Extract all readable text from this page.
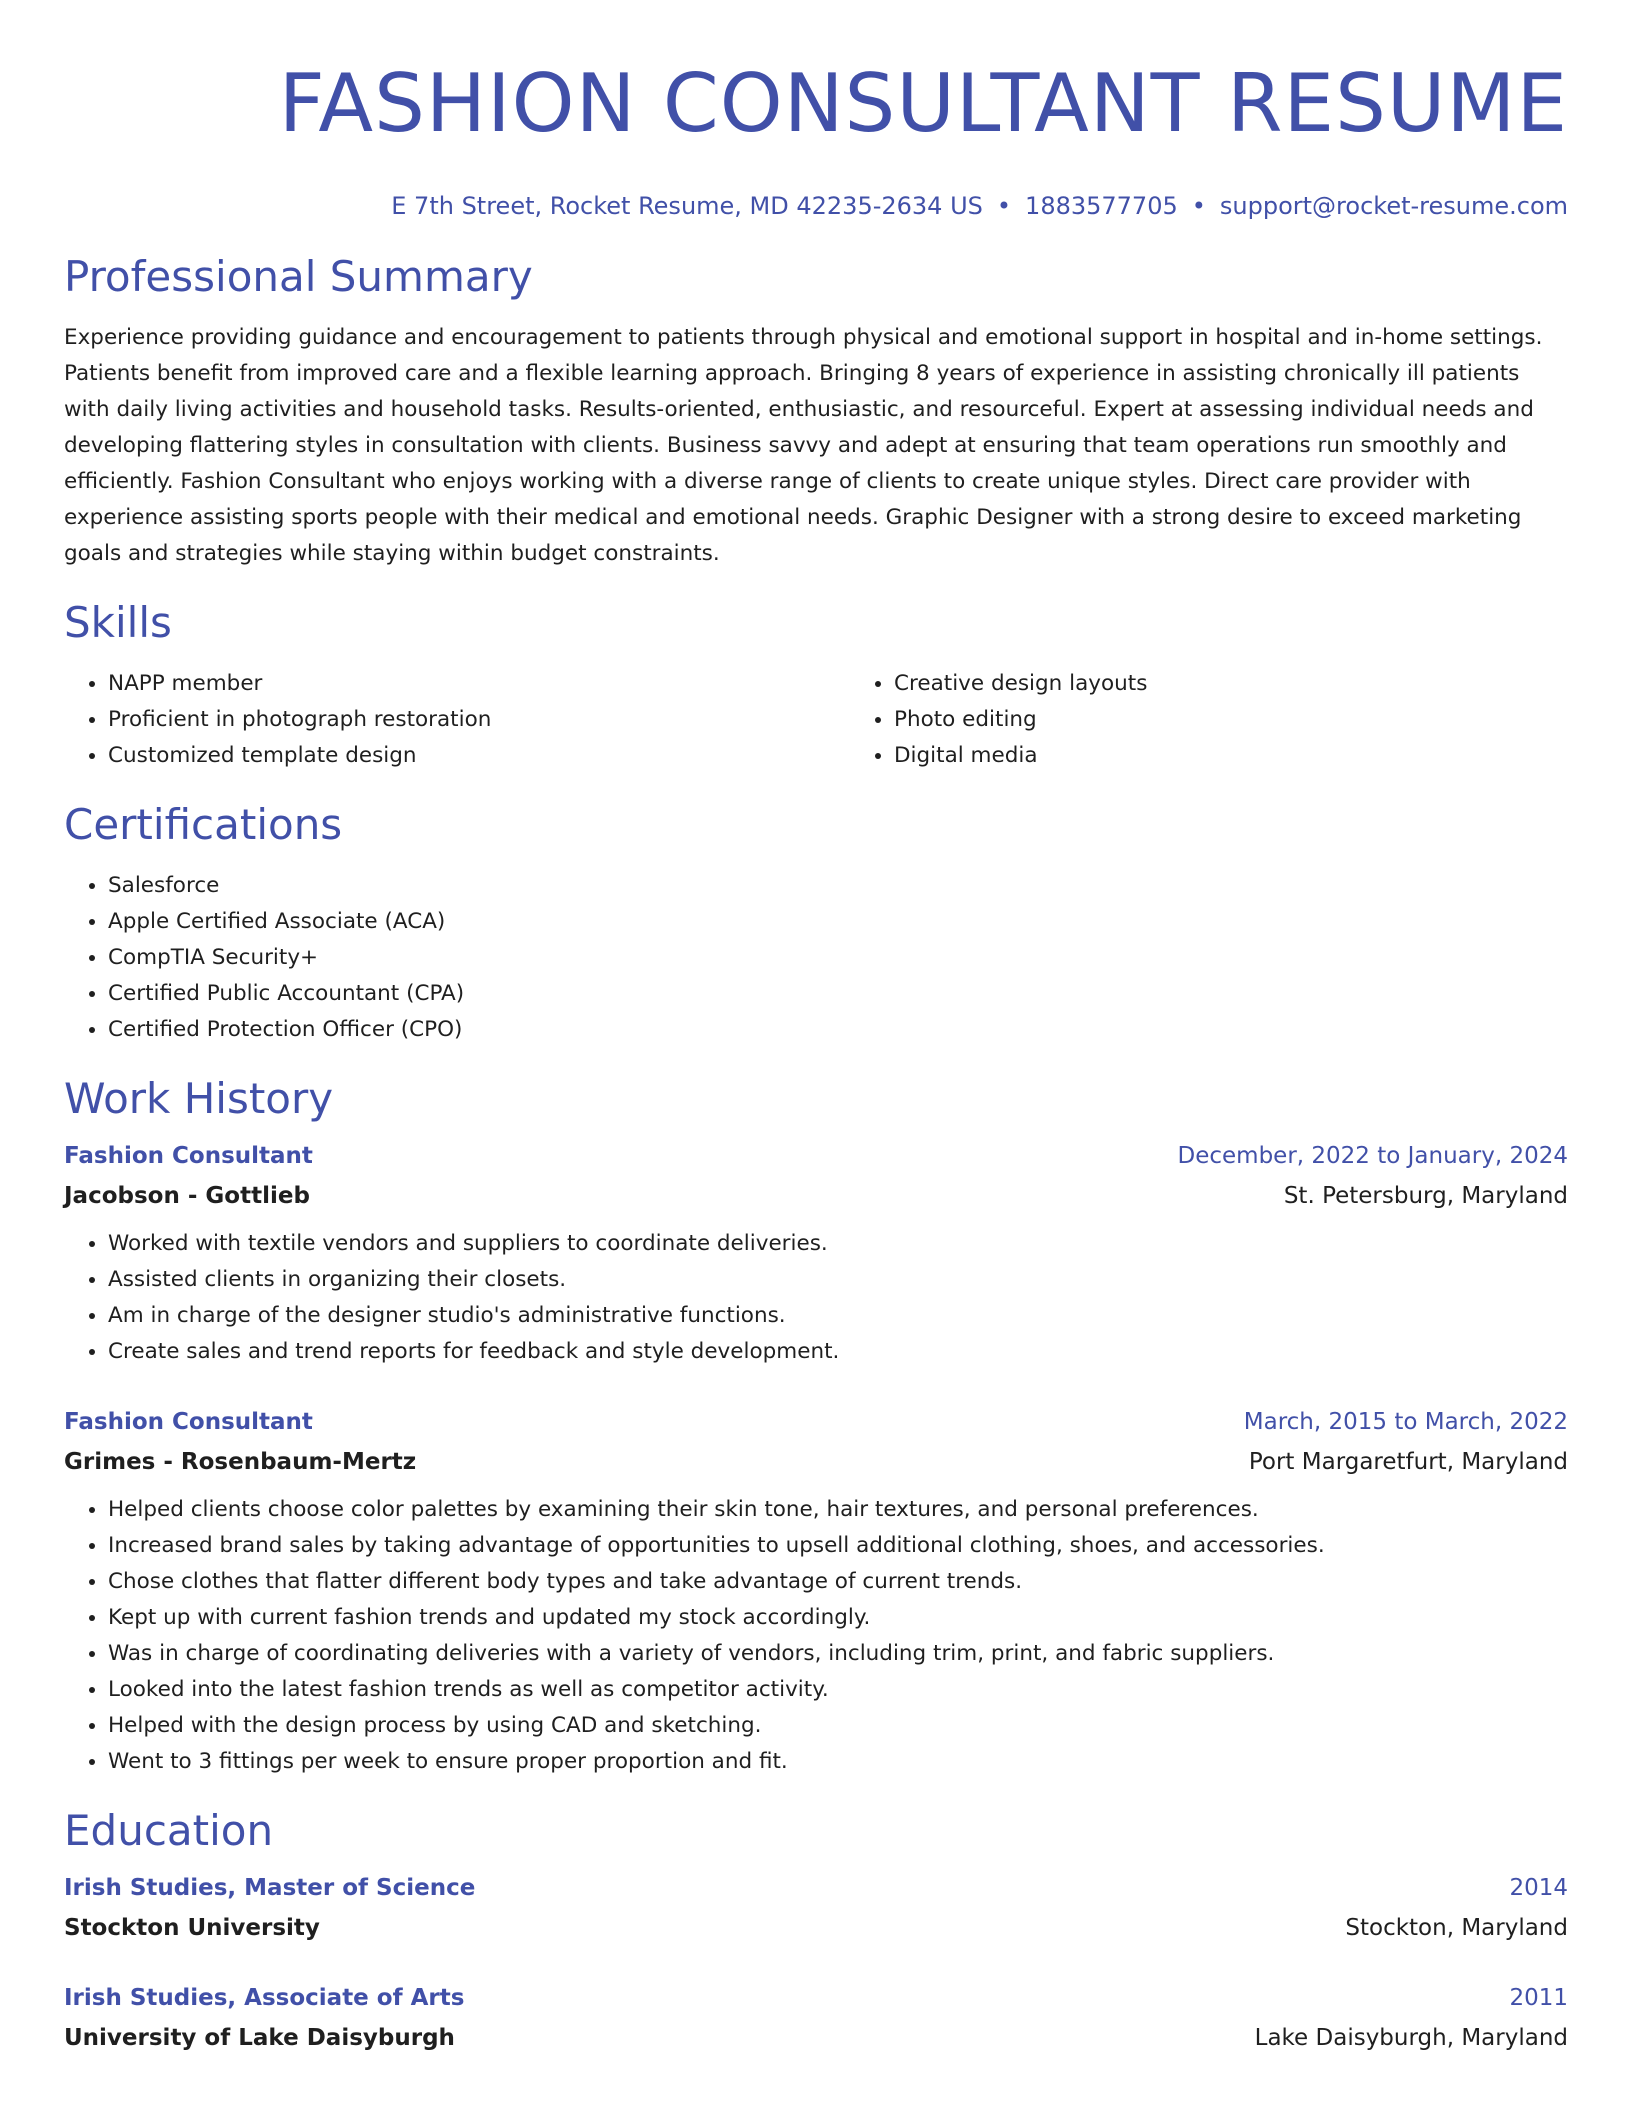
FASHION CONSULTANT RESUME
E 7th Street, Rocket Resume, MD 42235-2634 US • 1883577705 • support@rocket-resume.com
Professional Summary

Experience providing guidance and encouragement to patients through physical and emotional support in hospital and in-home settings. Patients benefit from improved care and a flexible learning approach. Bringing 8 years of experience in assisting chronically ill patients with daily living activities and household tasks. Results-oriented, enthusiastic, and resourceful. Expert at assessing individual needs and developing flattering styles in consultation with clients. Business savvy and adept at ensuring that team operations run smoothly and efficiently. Fashion Consultant who enjoys working with a diverse range of clients to create unique styles. Direct care provider with experience assisting sports people with their medical and emotional needs. Graphic Designer with a strong desire to exceed marketing goals and strategies while staying within budget constraints.

Skills
• NAPP member
• Proficient in photograph restoration
• Customized template design
• Creative design layouts
• Photo editing
• Digital media
Certifications
• Salesforce
• Apple Certified Associate (ACA)
• CompTIA Security+
• Certified Public Accountant (CPA)
• Certified Protection Officer (CPO)
Work History
Fashion Consultant	December, 2022 to January, 2024
Jacobson - Gottlieb	St. Petersburg, Maryland
• Worked with textile vendors and suppliers to coordinate deliveries.
• Assisted clients in organizing their closets.
• Am in charge of the designer studio's administrative functions.
• Create sales and trend reports for feedback and style development.
Fashion Consultant	March, 2015 to March, 2022
Grimes - Rosenbaum-Mertz	Port Margaretfurt, Maryland
• Helped clients choose color palettes by examining their skin tone, hair textures, and personal preferences.
• Increased brand sales by taking advantage of opportunities to upsell additional clothing, shoes, and accessories.
• Chose clothes that flatter different body types and take advantage of current trends.
• Kept up with current fashion trends and updated my stock accordingly.
• Was in charge of coordinating deliveries with a variety of vendors, including trim, print, and fabric suppliers.
• Looked into the latest fashion trends as well as competitor activity.
• Helped with the design process by using CAD and sketching.
• Went to 3 fittings per week to ensure proper proportion and fit.
Education
Irish Studies, Master of Science	2014
Stockton University	Stockton, Maryland
Irish Studies, Associate of Arts	2011
University of Lake Daisyburgh	Lake Daisyburgh, Maryland
